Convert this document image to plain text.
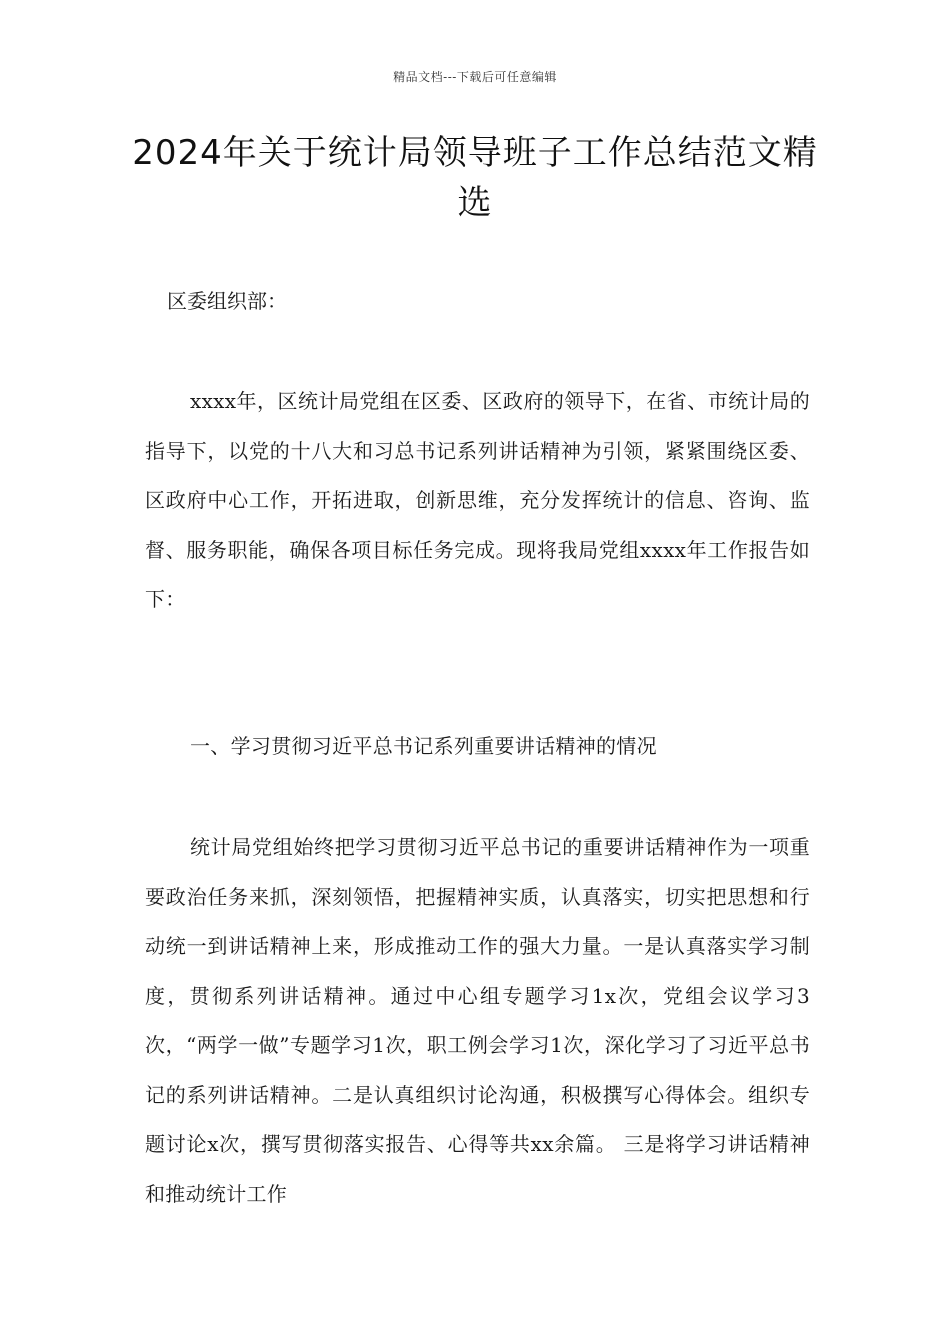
精品文档---下载后可任意编辑
2024年关于统计局领导班子工作总结范文精选
区委组织部：

xxxx年，区统计局党组在区委、区政府的领导下，在省、市统计局的指导下，以党的十八大和习总书记系列讲话精神为引领，紧紧围绕区委、区政府中心工作，开拓进取，创新思维，充分发挥统计的信息、咨询、监督、服务职能，确保各项目标任务完成。现将我局党组xxxx年工作报告如下：

一、学习贯彻习近平总书记系列重要讲话精神的情况

统计局党组始终把学习贯彻习近平总书记的重要讲话精神作为一项重要政治任务来抓，深刻领悟，把握精神实质，认真落实，切实把思想和行动统一到讲话精神上来，形成推动工作的强大力量。一是认真落实学习制度，贯彻系列讲话精神。通过中心组专题学习1x次，党组会议学习3次，“两学一做”专题学习1次，职工例会学习1次，深化学习了习近平总书记的系列讲话精神。二是认真组织讨论沟通，积极撰写心得体会。组织专题讨论x次，撰写贯彻落实报告、心得等共xx余篇。 三是将学习讲话精神和推动统计工作
